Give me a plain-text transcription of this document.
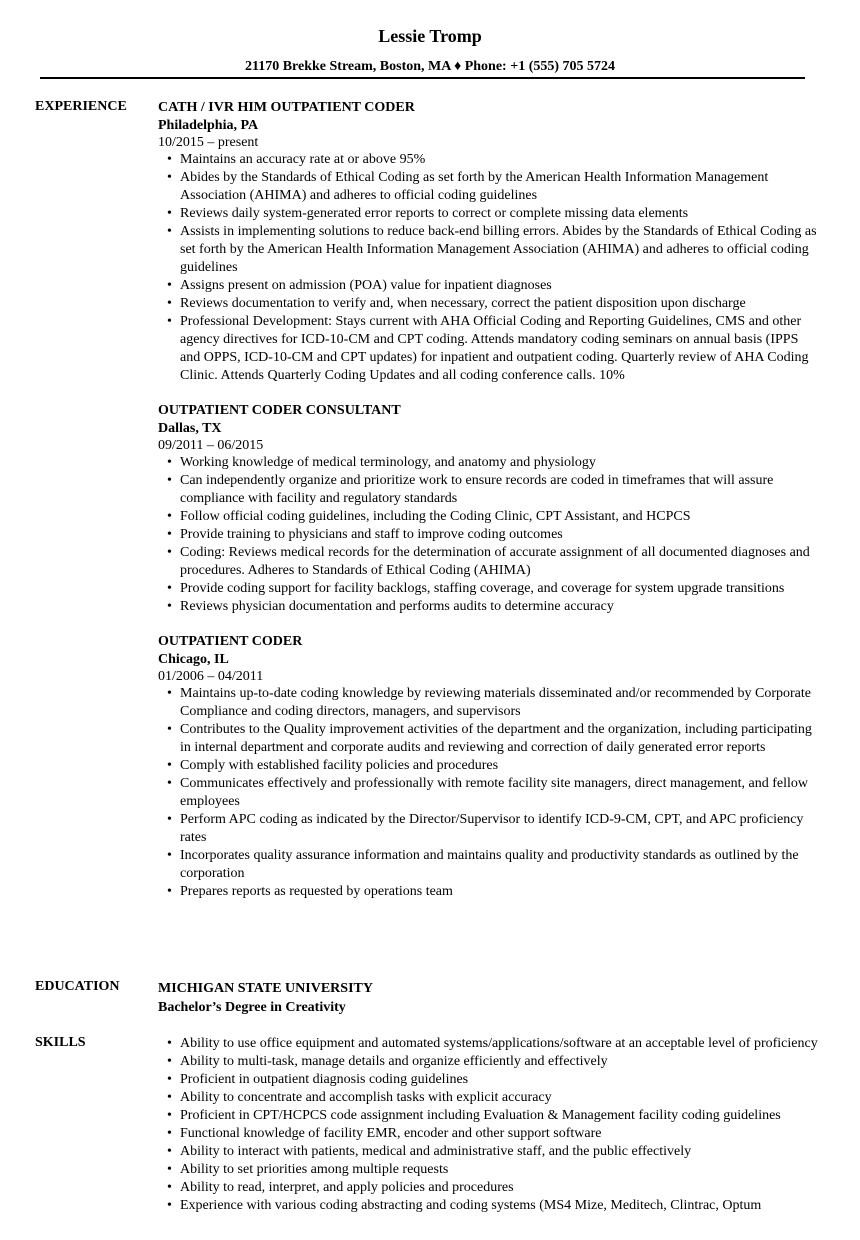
Lessie Tromp
21170 Brekke Stream, Boston, MA ♦ Phone: +1 (555) 705 5724
EXPERIENCE	CATH / IVR HIM OUTPATIENT CODER
Philadelphia, PA
10/2015 – present
• Maintains an accuracy rate at or above 95%
• Abides by the Standards of Ethical Coding as set forth by the American Health Information Management Association (AHIMA) and adheres to official coding guidelines
• Reviews daily system-generated error reports to correct or complete missing data elements
• Assists in implementing solutions to reduce back-end billing errors. Abides by the Standards of Ethical Coding as set forth by the American Health Information Management Association (AHIMA) and adheres to official coding guidelines
• Assigns present on admission (POA) value for inpatient diagnoses
• Reviews documentation to verify and, when necessary, correct the patient disposition upon discharge
• Professional Development: Stays current with AHA Official Coding and Reporting Guidelines, CMS and other agency directives for ICD-10-CM and CPT coding. Attends mandatory coding seminars on annual basis (IPPS and OPPS, ICD-10-CM and CPT updates) for inpatient and outpatient coding. Quarterly review of AHA Coding Clinic. Attends Quarterly Coding Updates and all coding conference calls. 10%
OUTPATIENT CODER CONSULTANT
Dallas, TX
09/2011 – 06/2015
• Working knowledge of medical terminology, and anatomy and physiology
• Can independently organize and prioritize work to ensure records are coded in timeframes that will assure compliance with facility and regulatory standards
• Follow official coding guidelines, including the Coding Clinic, CPT Assistant, and HCPCS
• Provide training to physicians and staff to improve coding outcomes
• Coding: Reviews medical records for the determination of accurate assignment of all documented diagnoses and procedures. Adheres to Standards of Ethical Coding (AHIMA)
• Provide coding support for facility backlogs, staffing coverage, and coverage for system upgrade transitions
• Reviews physician documentation and performs audits to determine accuracy
OUTPATIENT CODER
Chicago, IL
01/2006 – 04/2011
• Maintains up-to-date coding knowledge by reviewing materials disseminated and/or recommended by Corporate Compliance and coding directors, managers, and supervisors
• Contributes to the Quality improvement activities of the department and the organization, including participating in internal department and corporate audits and reviewing and correction of daily generated error reports
• Comply with established facility policies and procedures
• Communicates effectively and professionally with remote facility site managers, direct management, and fellow employees
• Perform APC coding as indicated by the Director/Supervisor to identify ICD-9-CM, CPT, and APC proficiency rates
• Incorporates quality assurance information and maintains quality and productivity standards as outlined by the corporation
• Prepares reports as requested by operations team
EDUCATION	MICHIGAN STATE UNIVERSITY
Bachelor’s Degree in Creativity
SKILLS
•	Ability to use office equipment and automated systems/applications/software at an acceptable level of proficiency
• Ability to multi-task, manage details and organize efficiently and effectively
• Proficient in outpatient diagnosis coding guidelines
• Ability to concentrate and accomplish tasks with explicit accuracy
• Proficient in CPT/HCPCS code assignment including Evaluation & Management facility coding guidelines
• Functional knowledge of facility EMR, encoder and other support software
• Ability to interact with patients, medical and administrative staff, and the public effectively
• Ability to set priorities among multiple requests
• Ability to read, interpret, and apply policies and procedures
• Experience with various coding abstracting and coding systems (MS4 Mize, Meditech, Clintrac, Optum
